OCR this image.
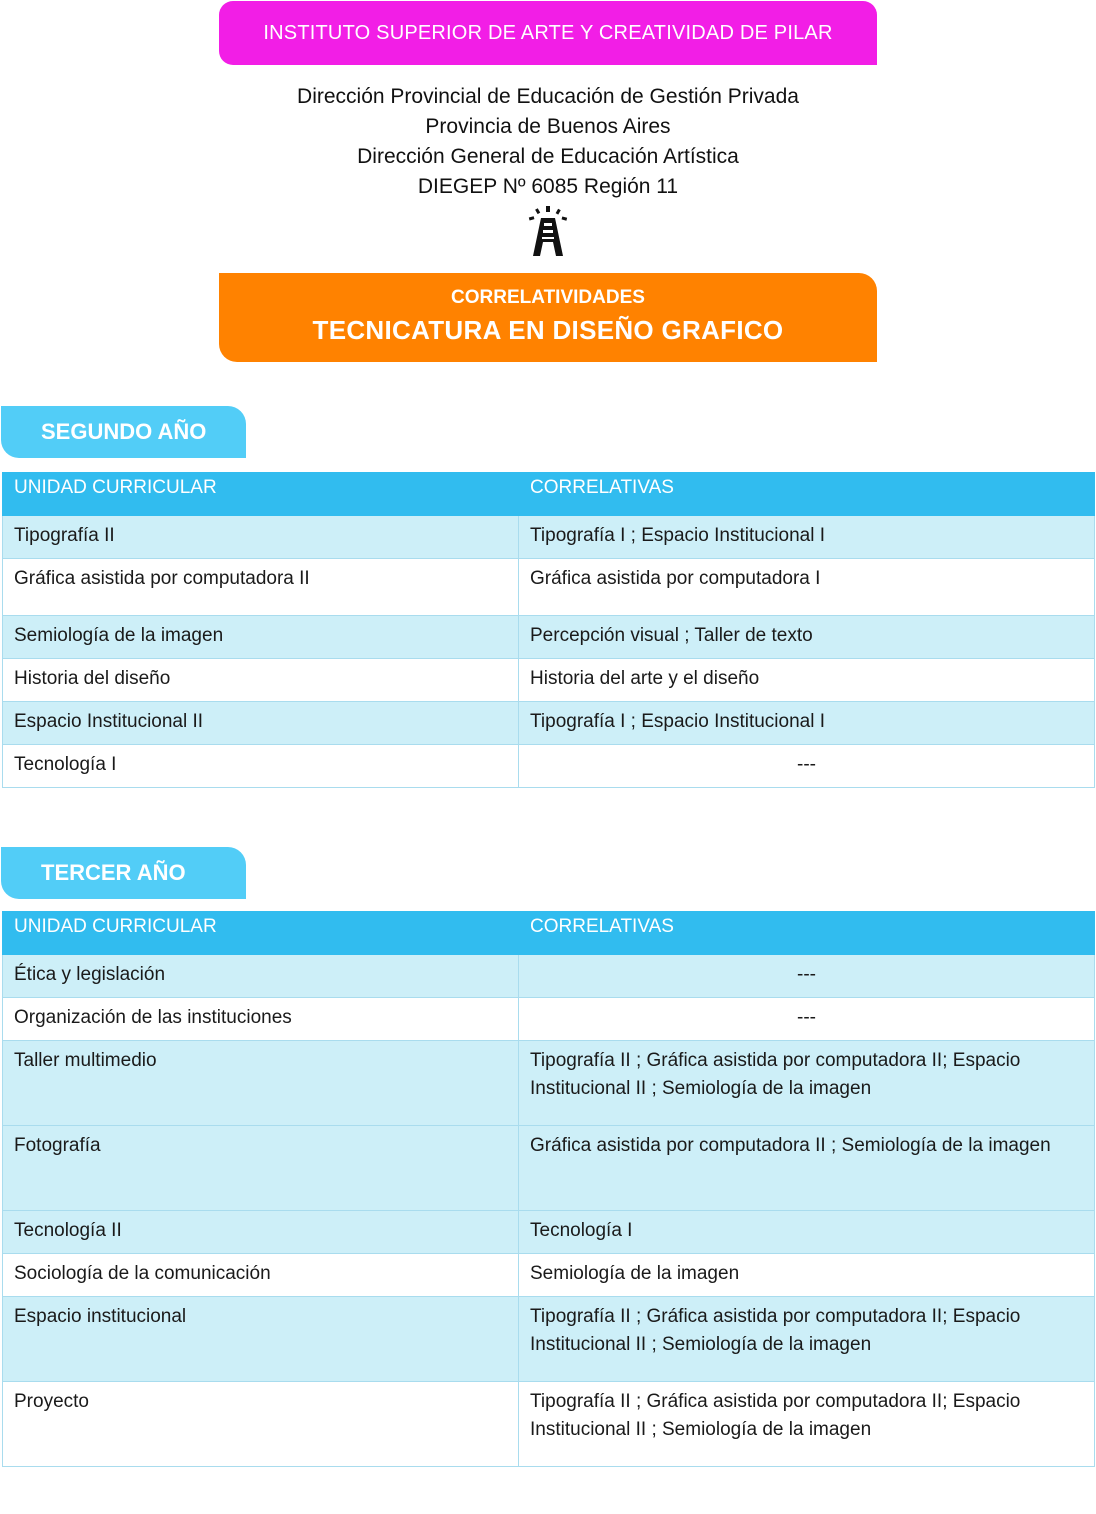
INSTITUTO SUPERIOR DE ARTE Y CREATIVIDAD DE PILAR
Dirección Provincial de Educación de Gestión Privada
Provincia de Buenos Aires
Dirección General de Educación Artística
DIEGEP Nº 6085 Región 11
CORRELATIVIDADES
TECNICATURA EN DISEÑO GRAFICO
SEGUNDO AÑO
UNIDAD CURRICULAR	CORRELATIVAS
Tipografía II	Tipografía I ; Espacio Institucional I
Gráfica asistida por computadora II	Gráfica asistida por computadora I
Semiología de la imagen	Percepción visual ; Taller de texto
Historia del diseño	Historia del arte y el diseño
Espacio Institucional II	Tipografía I ; Espacio Institucional I
Tecnología I	---
TERCER AÑO
UNIDAD CURRICULAR	CORRELATIVAS
Ética y legislación	---
Organización de las instituciones	---
Taller multimedio	Tipografía II ; Gráfica asistida por computadora II; Espacio Institucional II ; Semiología de la imagen
Fotografía	Gráfica asistida por computadora II ; Semiología de la imagen
Tecnología II	Tecnología I
Sociología de la comunicación	Semiología de la imagen
Espacio institucional	Tipografía II ; Gráfica asistida por computadora II; Espacio Institucional II ; Semiología de la imagen
Proyecto	Tipografía II ; Gráfica asistida por computadora II; Espacio Institucional II ; Semiología de la imagen
